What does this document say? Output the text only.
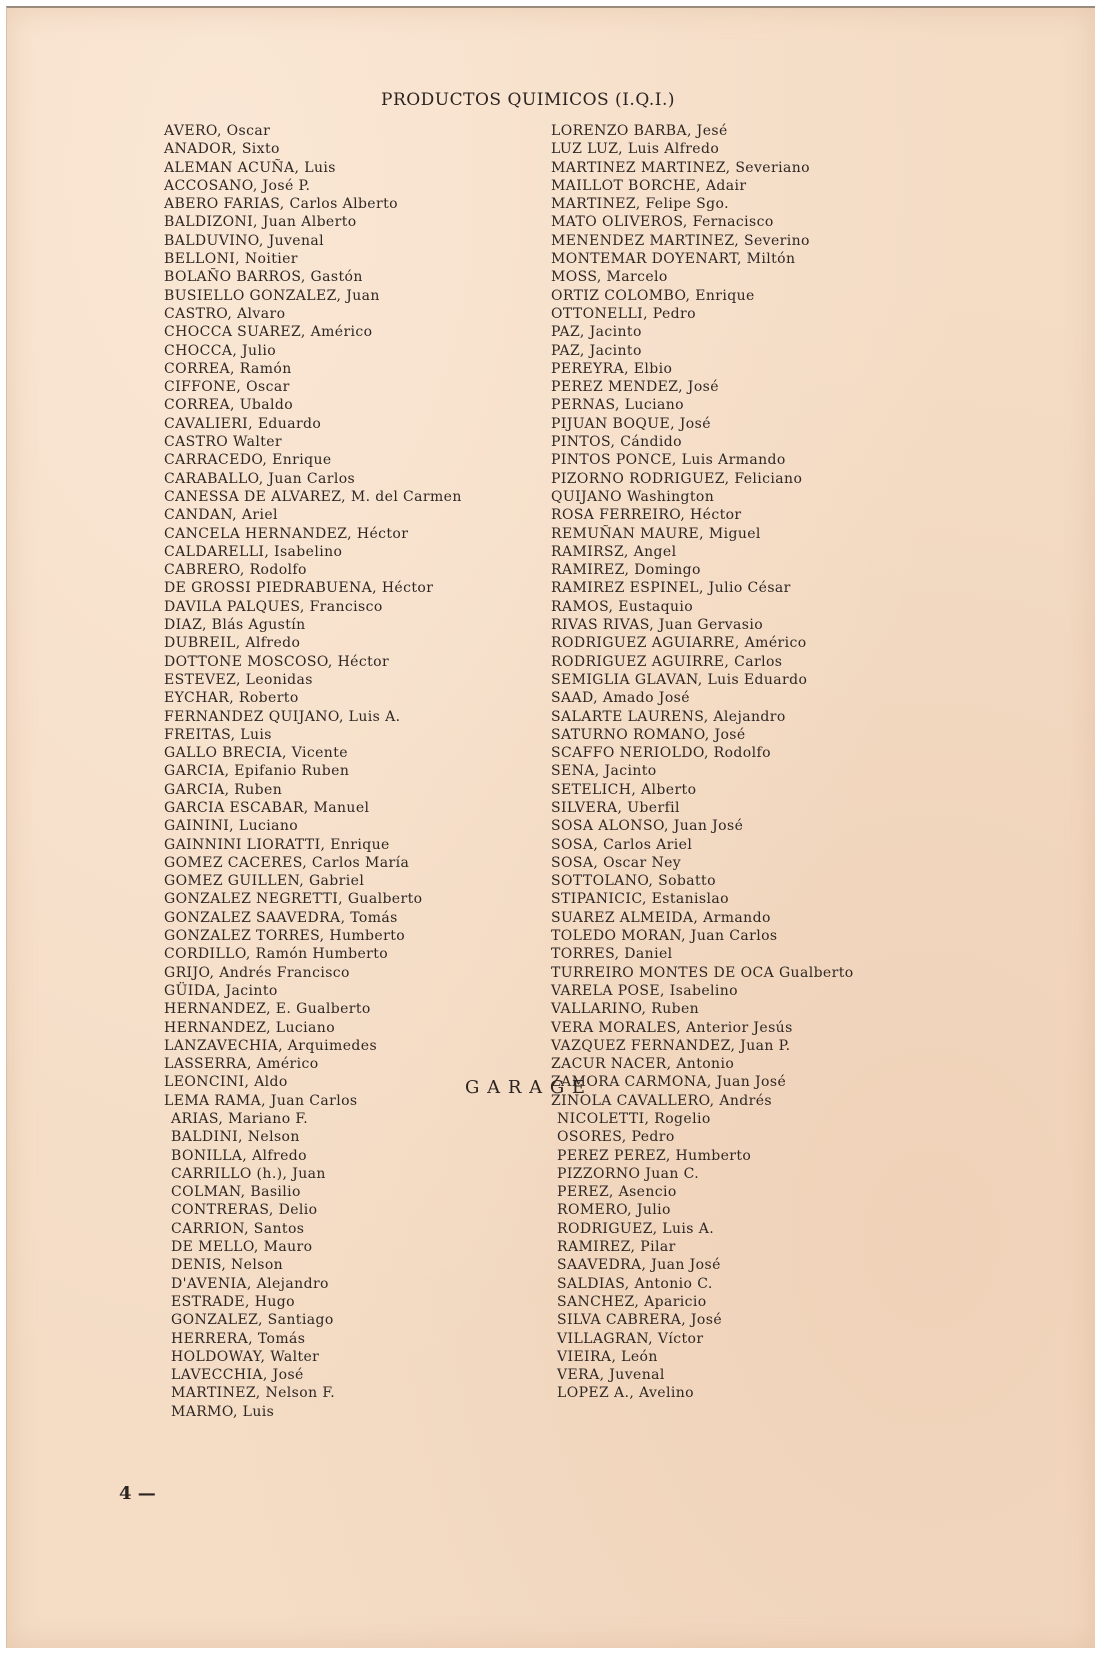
PRODUCTOS QUIMICOS (I.Q.I.)
AVERO, Oscar
ANADOR, Sixto
ALEMAN ACUÑA, Luis
ACCOSANO, José P.
ABERO FARIAS, Carlos Alberto
BALDIZONI, Juan Alberto
BALDUVINO, Juvenal
BELLONI, Noitier
BOLAÑO BARROS, Gastón
BUSIELLO GONZALEZ, Juan
CASTRO, Alvaro
CHOCCA SUAREZ, Américo
CHOCCA, Julio
CORREA, Ramón
CIFFONE, Oscar
CORREA, Ubaldo
CAVALIERI, Eduardo
CASTRO Walter
CARRACEDO, Enrique
CARABALLO, Juan Carlos
CANESSA DE ALVAREZ, M. del Carmen
CANDAN, Ariel
CANCELA HERNANDEZ, Héctor
CALDARELLI, Isabelino
CABRERO, Rodolfo
DE GROSSI PIEDRABUENA, Héctor
DAVILA PALQUES, Francisco
DIAZ, Blás Agustín
DUBREIL, Alfredo
DOTTONE MOSCOSO, Héctor
ESTEVEZ, Leonidas
EYCHAR, Roberto
FERNANDEZ QUIJANO, Luis A.
FREITAS, Luis
GALLO BRECIA, Vicente
GARCIA, Epifanio Ruben
GARCIA, Ruben
GARCIA ESCABAR, Manuel
GAININI, Luciano
GAINNINI LIORATTI, Enrique
GOMEZ CACERES, Carlos María
GOMEZ GUILLEN, Gabriel
GONZALEZ NEGRETTI, Gualberto
GONZALEZ SAAVEDRA, Tomás
GONZALEZ TORRES, Humberto
CORDILLO, Ramón Humberto
GRIJO, Andrés Francisco
GÜIDA, Jacinto
HERNANDEZ, E. Gualberto
HERNANDEZ, Luciano
LANZAVECHIA, Arquimedes
LASSERRA, Américo
LEONCINI, Aldo
LEMA RAMA, Juan Carlos
LORENZO BARBA, Jesé
LUZ LUZ, Luis Alfredo
MARTINEZ MARTINEZ, Severiano
MAILLOT BORCHE, Adair
MARTINEZ, Felipe Sgo.
MATO OLIVEROS, Fernacisco
MENENDEZ MARTINEZ, Severino
MONTEMAR DOYENART, Miltón
MOSS, Marcelo
ORTIZ COLOMBO, Enrique
OTTONELLI, Pedro
PAZ, Jacinto
PAZ, Jacinto
PEREYRA, Elbio
PEREZ MENDEZ, José
PERNAS, Luciano
PIJUAN BOQUE, José
PINTOS, Cándido
PINTOS PONCE, Luis Armando
PIZORNO RODRIGUEZ, Feliciano
QUIJANO Washington
ROSA FERREIRO, Héctor
REMUÑAN MAURE, Miguel
RAMIRSZ, Angel
RAMIREZ, Domingo
RAMIREZ ESPINEL, Julio César
RAMOS, Eustaquio
RIVAS RIVAS, Juan Gervasio
RODRIGUEZ AGUIARRE, Américo
RODRIGUEZ AGUIRRE, Carlos
SEMIGLIA GLAVAN, Luis Eduardo
SAAD, Amado José
SALARTE LAURENS, Alejandro
SATURNO ROMANO, José
SCAFFO NERIOLDO, Rodolfo
SENA, Jacinto
SETELICH, Alberto
SILVERA, Uberfil
SOSA ALONSO, Juan José
SOSA, Carlos Ariel
SOSA, Oscar Ney
SOTTOLANO, Sobatto
STIPANICIC, Estanislao
SUAREZ ALMEIDA, Armando
TOLEDO MORAN, Juan Carlos
TORRES, Daniel
TURREIRO MONTES DE OCA Gualberto
VARELA POSE, Isabelino
VALLARINO, Ruben
VERA MORALES, Anterior Jesús
VAZQUEZ FERNANDEZ, Juan P.
ZACUR NACER, Antonio
ZAMORA CARMONA, Juan José
ZINOLA CAVALLERO, Andrés
G A R A G E
ARIAS, Mariano F.
BALDINI, Nelson
BONILLA, Alfredo
CARRILLO (h.), Juan
COLMAN, Basilio
CONTRERAS, Delio
CARRION, Santos
DE MELLO, Mauro
DENIS, Nelson
D'AVENIA, Alejandro
ESTRADE, Hugo
GONZALEZ, Santiago
HERRERA, Tomás
HOLDOWAY, Walter
LAVECCHIA, José
MARTINEZ, Nelson F.
MARMO, Luis
NICOLETTI, Rogelio
OSORES, Pedro
PEREZ PEREZ, Humberto
PIZZORNO Juan C.
PEREZ, Asencio
ROMERO, Julio
RODRIGUEZ, Luis A.
RAMIREZ, Pilar
SAAVEDRA, Juan José
SALDIAS, Antonio C.
SANCHEZ, Aparicio
SILVA CABRERA, José
VILLAGRAN, Víctor
VIEIRA, León
VERA, Juvenal
LOPEZ A., Avelino
4 —
